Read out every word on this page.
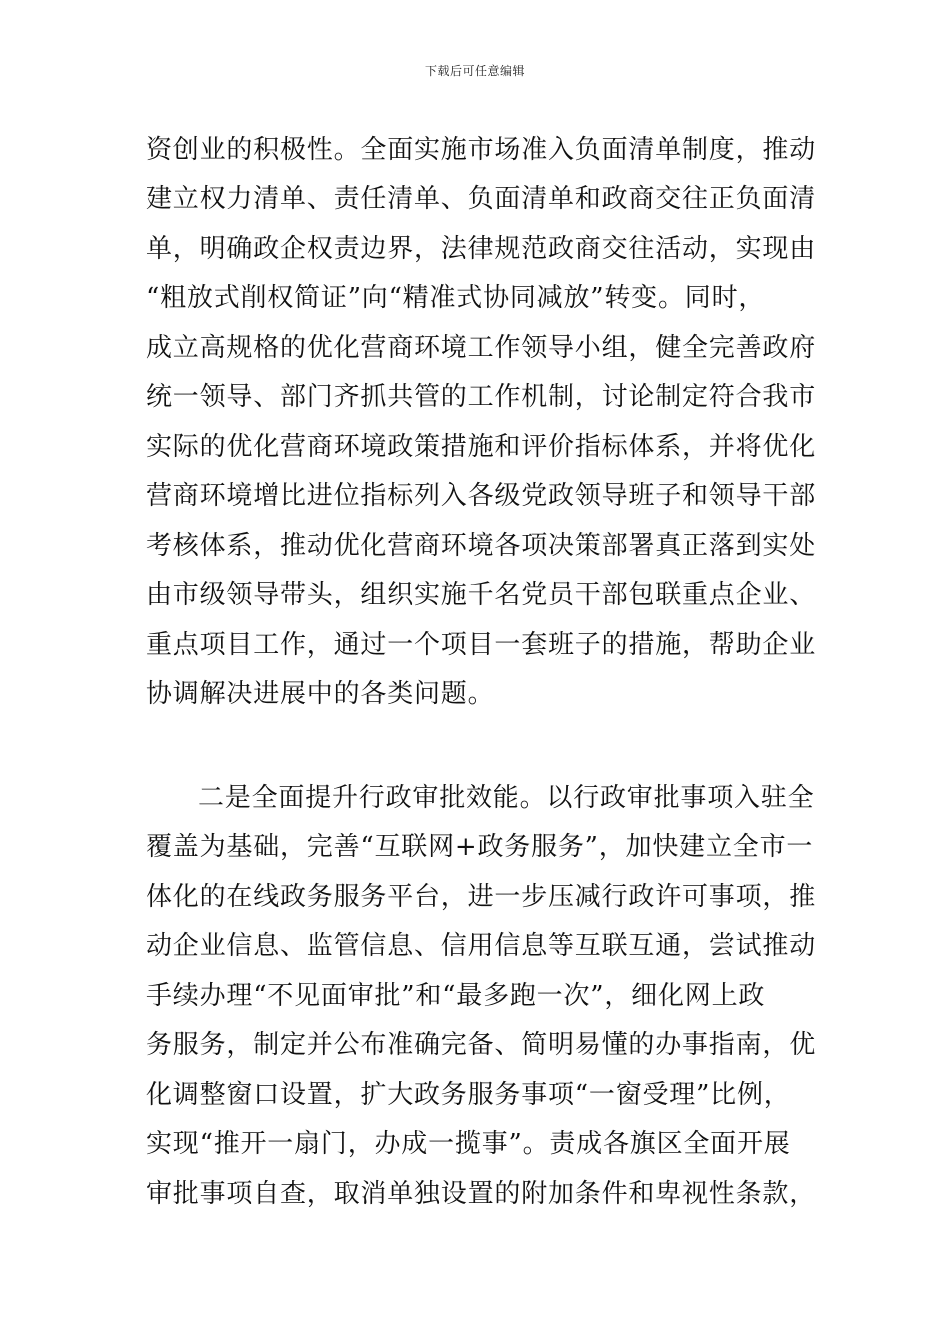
下载后可任意编辑
资创业的积极性。全面实施市场准入负面清单制度，推动
建立权力清单、责任清单、负面清单和政商交往正负面清
单，明确政企权责边界，法律规范政商交往活动，实现由
“粗放式削权简证”向“精准式协同减放”转变。同时，
成立高规格的优化营商环境工作领导小组，健全完善政府
统一领导、部门齐抓共管的工作机制，讨论制定符合我市
实际的优化营商环境政策措施和评价指标体系，并将优化
营商环境增比进位指标列入各级党政领导班子和领导干部
考核体系，推动优化营商环境各项决策部署真正落到实处
由市级领导带头，组织实施千名党员干部包联重点企业、
重点项目工作，通过一个项目一套班子的措施，帮助企业
协调解决进展中的各类问题。
二是全面提升行政审批效能。以行政审批事项入驻全
覆盖为基础，完善“互联网+政务服务”，加快建立全市一
体化的在线政务服务平台，进一步压减行政许可事项，推
动企业信息、监管信息、信用信息等互联互通，尝试推动
手续办理“不见面审批”和“最多跑一次”，细化网上政
务服务，制定并公布准确完备、简明易懂的办事指南，优
化调整窗口设置，扩大政务服务事项“一窗受理”比例，
实现“推开一扇门，办成一揽事”。责成各旗区全面开展
审批事项自查，取消单独设置的附加条件和卑视性条款，
